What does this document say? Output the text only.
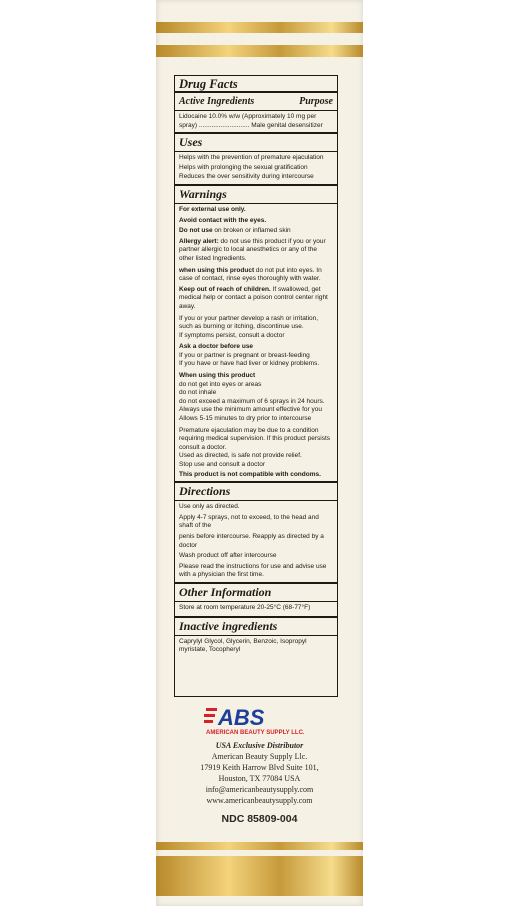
Drug Facts
Active Ingredients	Purpose

Lidocaine 10.0% w/w (Approximately 10 mg per

spray) ............................ Male genital desensitizer

Uses

Helps with the prevention of premature ejaculation

Helps with prolonging the sexual gratification

Reduces the over sensitivity during intercourse

Warnings

For external use only.

Avoid contact with the eyes.

Do not use on broken or inflamed skin

Allergy alert: do not use this product if you or your partner allergic to local anesthetics or any of the other listed Ingredients.

when using this product do not put into eyes. In case of contact, rinse eyes thoroughly with water.

Keep out of reach of children. If swallowed, get medical help or contact a poison control center right away.

If you or your partner develop a rash or irritation, such as burning or itching, discontinue use.

If symptoms persist, consult a doctor

Ask a doctor before use

If you or partner is pregnant or breast-feeding

If you have or have had liver or kidney problems.

When using this product

do not get into eyes or areas

do not inhale

do not exceed a maximum of 6 sprays in 24 hours.

Always use the minimum amount effective for you

Allows 5-15 minutes to dry prior to intercourse

Premature ejaculation may be due to a condition requiring medical supervision. If this product persists consult a doctor.

Used as directed, is safe not provide relief.

Stop use and consult a doctor

This product is not compatible with condoms.

Directions

Use only as directed.

Apply 4-7 sprays, not to exceed, to the head and shaft of the

penis before intercourse. Reapply as directed by a doctor

Wash product off after intercourse

Please read the instructions for use and advise use with a physician the first time.

Other Information

Store at room temperature 20-25°C (68-77°F)

Inactive ingredients

Caprylyl Glycol, Glycerin, Benzoic, Isopropyl myristate, Tocopheryl

ABS
AMERICAN BEAUTY SUPPLY LLC.
USA Exclusive Distributor
American Beauty Supply Llc.
17919 Keith Harrow Blvd Suite 101,
Houston, TX 77084 USA
info@americanbeautysupply.com
www.americanbeautysupply.com
NDC 85809-004
